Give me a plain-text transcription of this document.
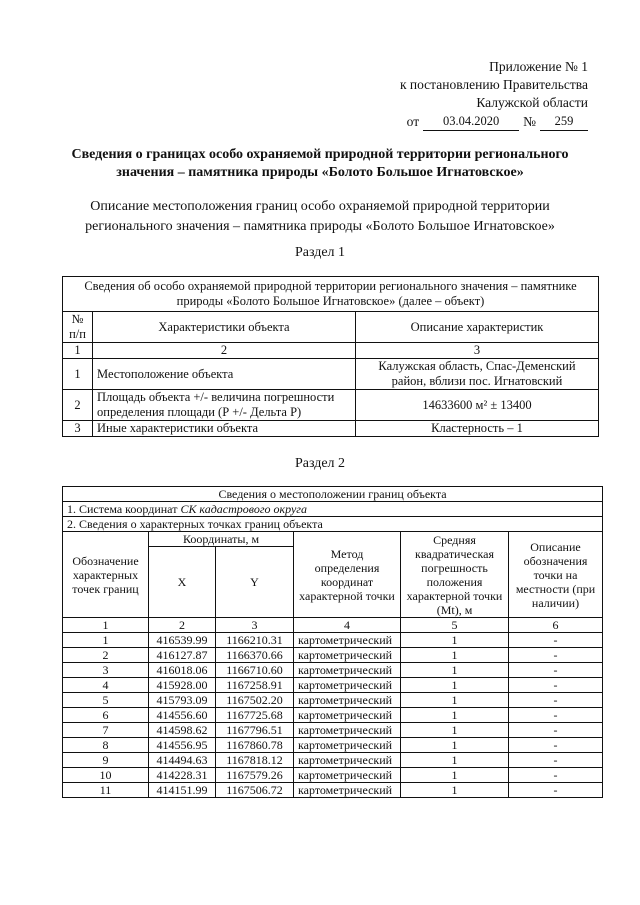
Приложение № 1
к постановлению Правительства
Калужской области
от	03.04.2020	№	259
Сведения о границах особо охраняемой природной территории регионального
значения – памятника природы «Болото Большое Игнатовское»
Описание местоположения границ особо охраняемой природной территории
регионального значения – памятника природы «Болото Большое Игнатовское»
Раздел 1
Сведения об особо охраняемой природной территории регионального значения – памятнике природы «Болото Большое Игнатовское» (далее – объект)		
№ п/п	Характеристики объекта	Описание характеристик
1	2	3
1	Местоположение объекта	Калужская область, Спас-Деменский район, вблизи пос. Игнатовский
2	Площадь объекта +/- величина погрешности определения площади (Р +/- Дельта Р)	14633600 м² ± 13400
3	Иные характеристики объекта	Кластерность – 1
Раздел 2
Сведения о местоположении границ объекта					
1. Система координат СК кадастрового округа					
2. Сведения о характерных точках границ объекта					
Обозначение характерных точек границ	Координаты, м		Метод определения координат характерной точки	Средняя квадратическая погрешность положения характерной точки (Mt), м	Описание обозначения точки на местности (при наличии)
	X	Y			
1	2	3	4	5	6
1	416539.99	1166210.31	картометрический	1	-
2	416127.87	1166370.66	картометрический	1	-
3	416018.06	1166710.60	картометрический	1	-
4	415928.00	1167258.91	картометрический	1	-
5	415793.09	1167502.20	картометрический	1	-
6	414556.60	1167725.68	картометрический	1	-
7	414598.62	1167796.51	картометрический	1	-
8	414556.95	1167860.78	картометрический	1	-
9	414494.63	1167818.12	картометрический	1	-
10	414228.31	1167579.26	картометрический	1	-
11	414151.99	1167506.72	картометрический	1	-
